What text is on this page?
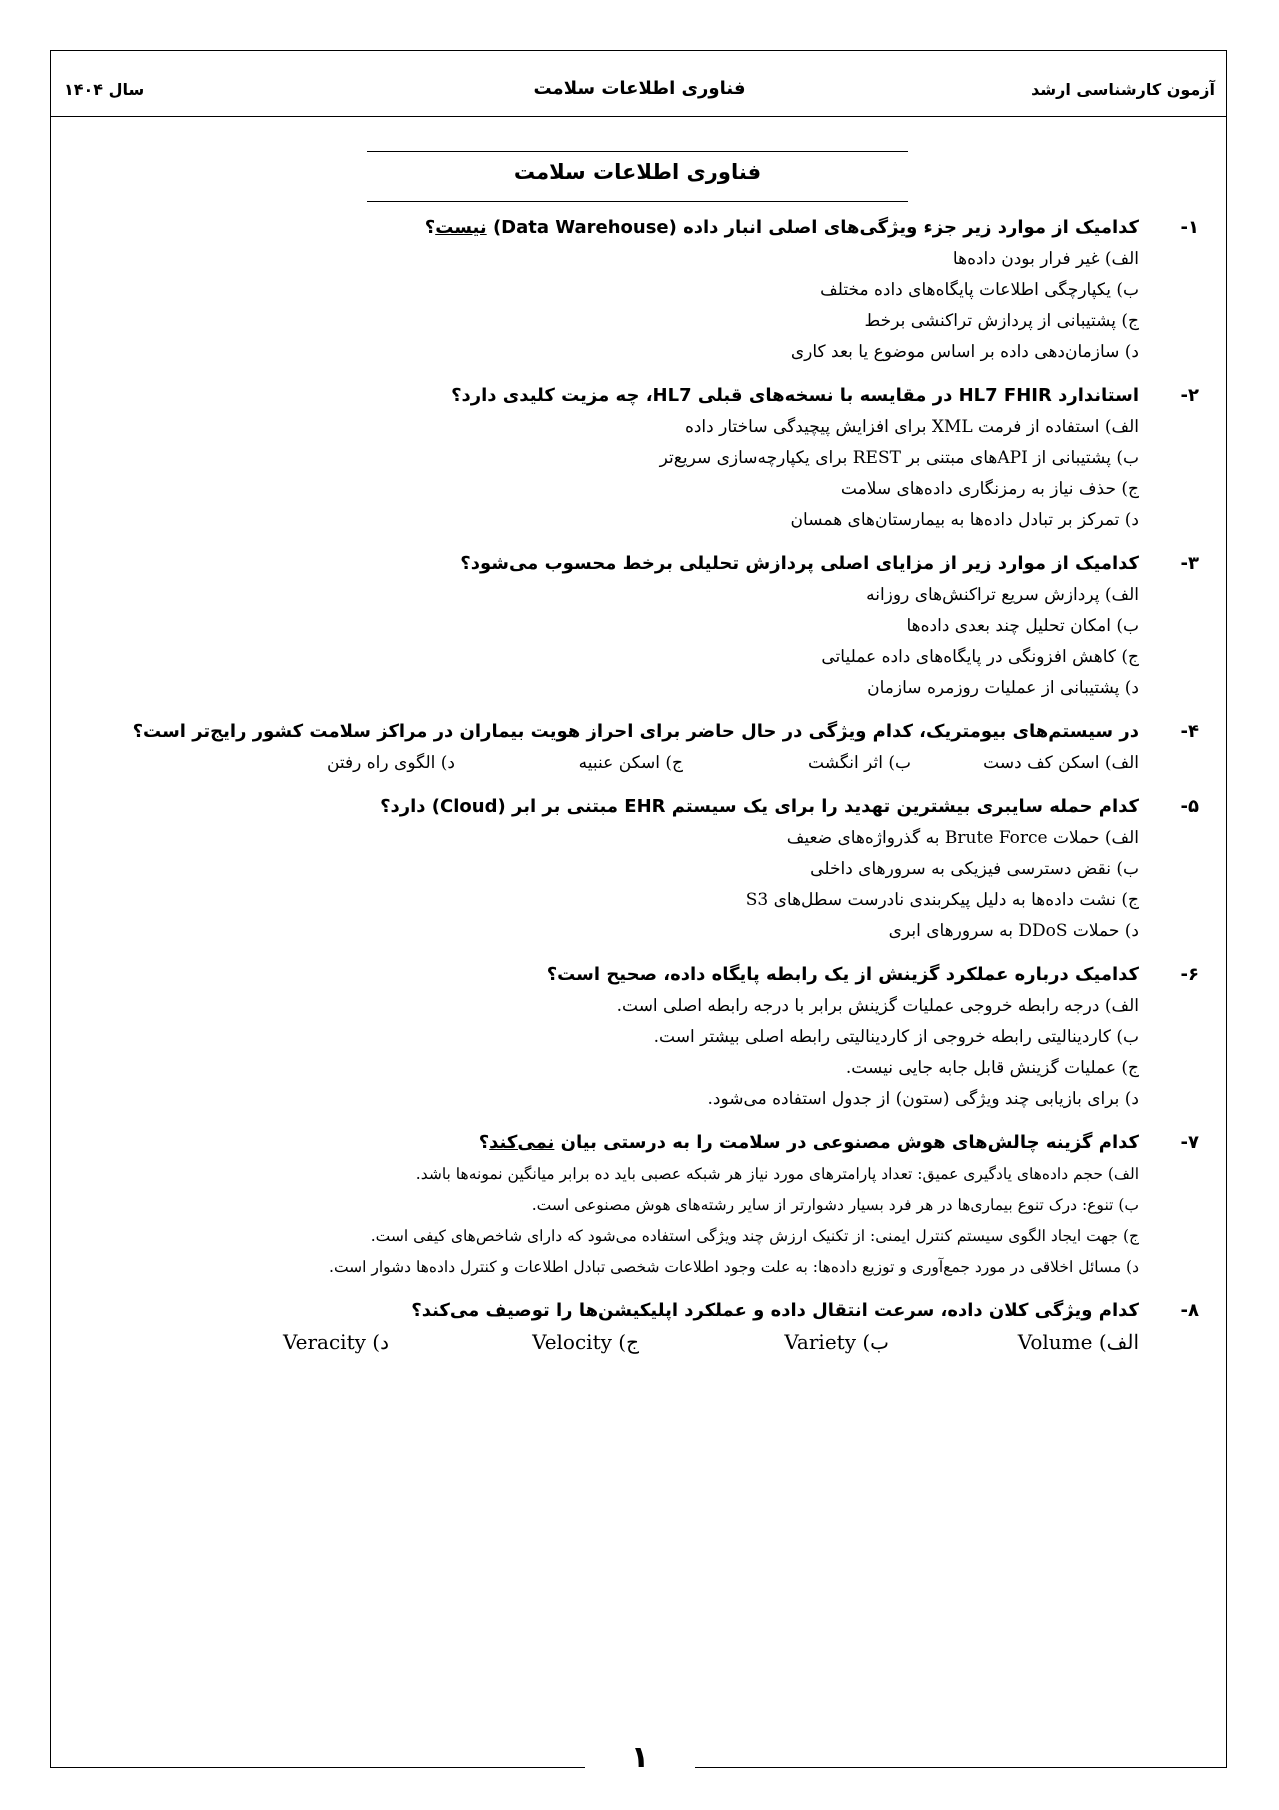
آزمون کارشناسی ارشد
فناوری اطلاعات سلامت
سال ۱۴۰۴
فناوری اطلاعات سلامت
۱-
کدامیک از موارد زیر جزء ویژگی‌های اصلی انبار داده (Data Warehouse) نیست؟
الف) غیر فرار بودن داده‌ها
ب) یکپارچگی اطلاعات پایگاه‌های داده مختلف
ج) پشتیبانی از پردازش تراکنشی برخط
د) سازمان‌دهی داده بر اساس موضوع یا بعد کاری
۲-
استاندارد HL7 FHIR در مقایسه با نسخه‌های قبلی HL7، چه مزیت کلیدی دارد؟
الف) استفاده از فرمت XML برای افزایش پیچیدگی ساختار داده
ب) پشتیبانی از APIهای مبتنی بر REST برای یکپارچه‌سازی سریع‌تر
ج) حذف نیاز به رمزنگاری داده‌های سلامت
د) تمرکز بر تبادل داده‌ها به بیمارستان‌های همسان
۳-
کدامیک از موارد زیر از مزایای اصلی پردازش تحلیلی برخط محسوب می‌شود؟
الف) پردازش سریع تراکنش‌های روزانه
ب) امکان تحلیل چند بعدی داده‌ها
ج) کاهش افزونگی در پایگاه‌های داده عملیاتی
د) پشتیبانی از عملیات روزمره سازمان
۴-
در سیستم‌های بیومتریک، کدام ویژگی در حال حاضر برای احراز هویت بیماران در مراکز سلامت کشور رایج‌تر است؟
الف) اسکن کف دست
ب) اثر انگشت
ج) اسکن عنبیه
د) الگوی راه رفتن
۵-
کدام حمله سایبری بیشترین تهدید را برای یک سیستم EHR مبتنی بر ابر (Cloud) دارد؟
الف) حملات Brute Force به گذرواژه‌های ضعیف
ب) نقض دسترسی فیزیکی به سرورهای داخلی
ج) نشت داده‌ها به دلیل پیکربندی نادرست سطل‌های S3
د) حملات DDoS به سرورهای ابری
۶-
کدامیک درباره عملکرد گزینش از یک رابطه پایگاه داده، صحیح است؟
الف) درجه رابطه خروجی عملیات گزینش برابر با درجه رابطه اصلی است.
ب) کاردینالیتی رابطه خروجی از کاردینالیتی رابطه اصلی بیشتر است.
ج) عملیات گزینش قابل جابه جایی نیست.
د) برای بازیابی چند ویژگی (ستون) از جدول استفاده می‌شود.
۷-
کدام گزینه چالش‌های هوش مصنوعی در سلامت را به درستی بیان نمی‌کند؟
الف) حجم داده‌های یادگیری عمیق: تعداد پارامترهای مورد نیاز هر شبکه عصبی باید ده برابر میانگین نمونه‌ها باشد.
ب) تنوع: درک تنوع بیماری‌ها در هر فرد بسیار دشوارتر از سایر رشته‌های هوش مصنوعی است.
ج) جهت ایجاد الگوی سیستم کنترل ایمنی: از تکنیک ارزش چند ویژگی استفاده می‌شود که دارای شاخص‌های کیفی است.
د) مسائل اخلاقی در مورد جمع‌آوری و توزیع داده‌ها: به علت وجود اطلاعات شخصی تبادل اطلاعات و کنترل داده‌ها دشوار است.
۸-
کدام ویژگی کلان داده، سرعت انتقال داده و عملکرد اپلیکیشن‌ها را توصیف می‌کند؟
الف) Volume
ب) Variety
ج) Velocity
د) Veracity
۱
